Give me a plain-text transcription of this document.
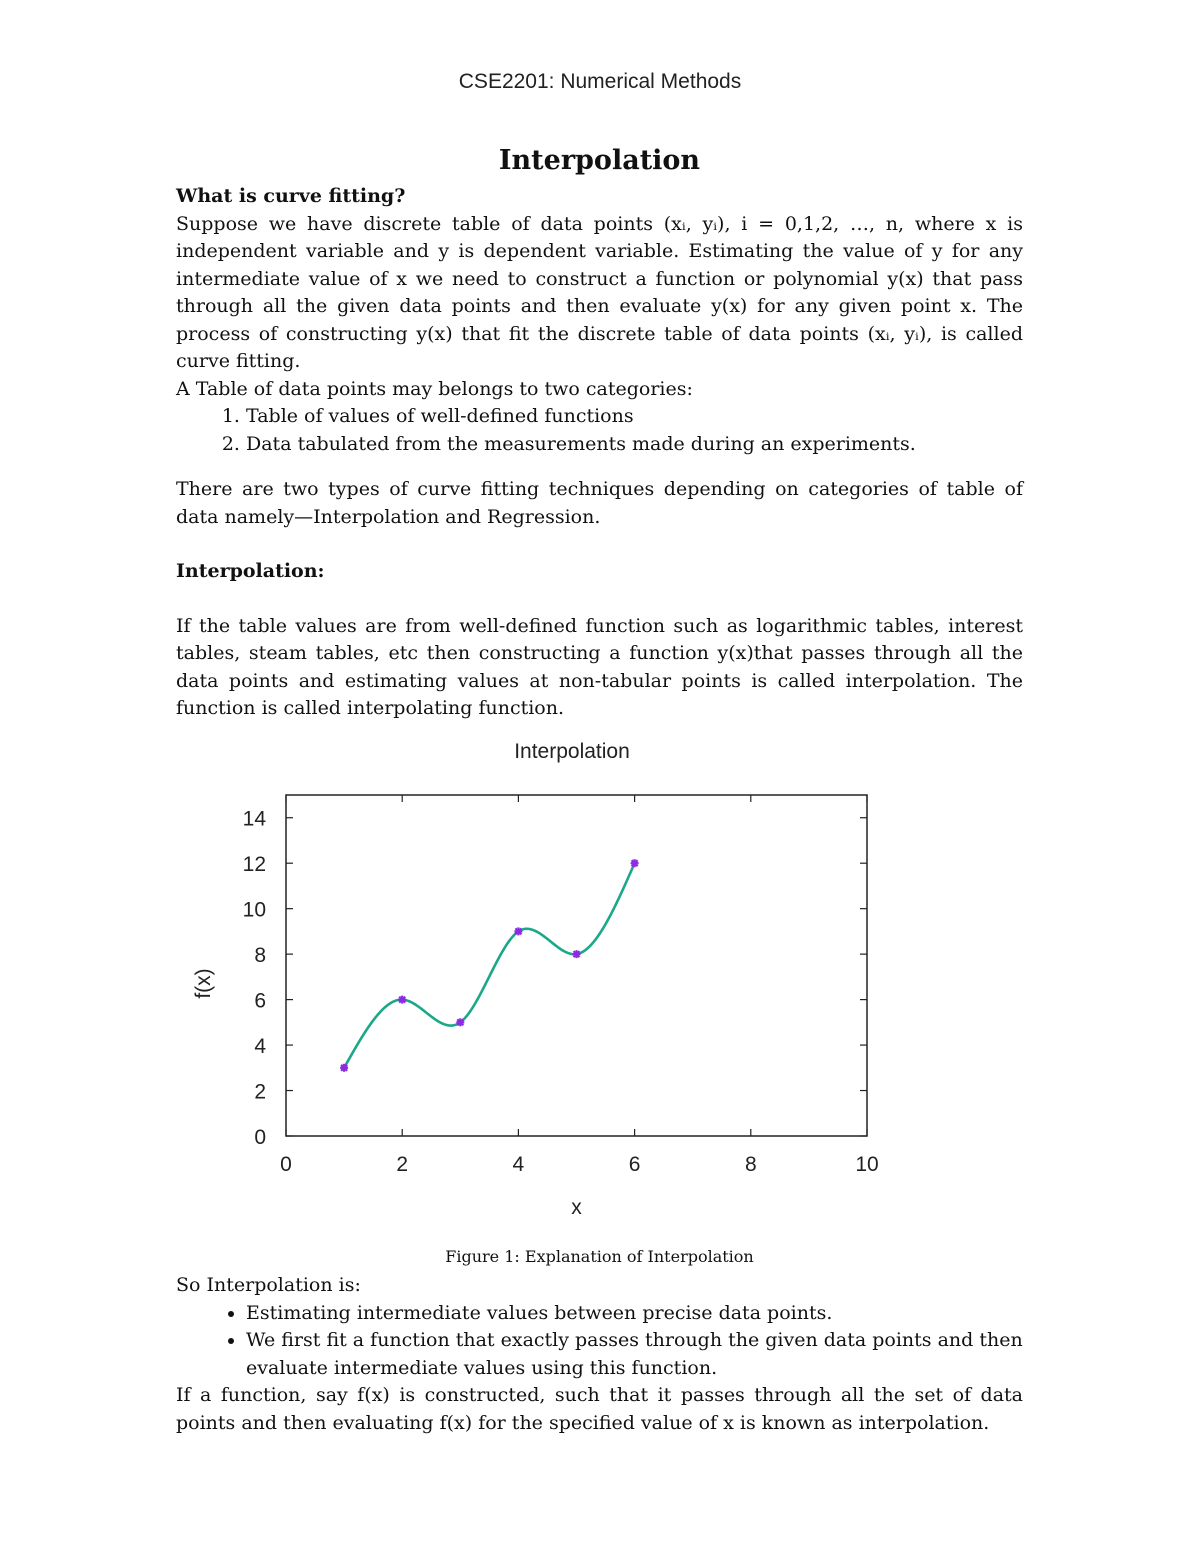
CSE2201: Numerical Methods
Interpolation
What is curve fitting?

Suppose we have discrete table of data points (xᵢ, yᵢ), i = 0,1,2, …, n, where x is independent variable and y is dependent variable. Estimating the value of y for any intermediate value of x we need to construct a function or polynomial y(x) that pass through all the given data points and then evaluate y(x) for any given point x. The process of constructing y(x) that fit the discrete table of data points (xᵢ, yᵢ), is called curve fitting.

A Table of data points may belongs to two categories:

1. Table of values of well-defined functions
2. Data tabulated from the measurements made during an experiments.

There are two types of curve fitting techniques depending on categories of table of data namely—Interpolation and Regression.

Interpolation:

If the table values are from well-defined function such as logarithmic tables, interest tables, steam tables, etc then constructing a function y(x)that passes through all the data points and estimating values at non-tabular points is called interpolation. The function is called interpolating function.

Interpolation
0	2	4	6	8	10
0
2
4
6
8
10
12
14
x
f(x)
Figure 1: Explanation of Interpolation

So Interpolation is:

• Estimating intermediate values between precise data points.
• We first fit a function that exactly passes through the given data points and then evaluate intermediate values using this function.

If a function, say f(x) is constructed, such that it passes through all the set of data points and then evaluating f(x) for the specified value of x is known as interpolation.
